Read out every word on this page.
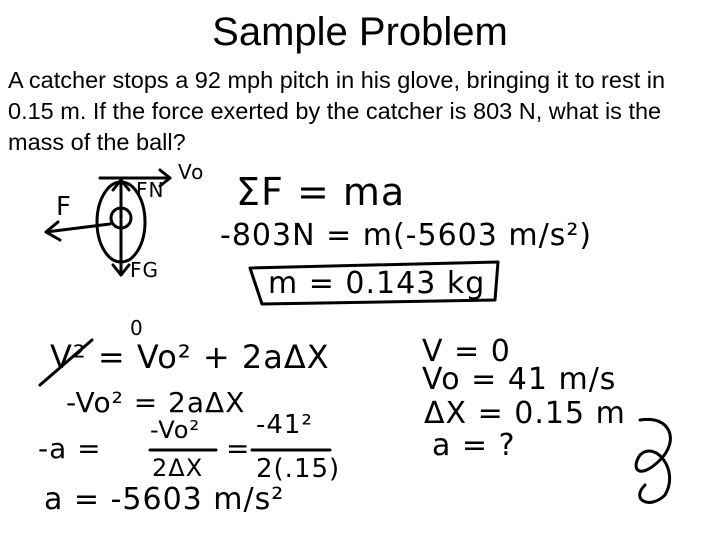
Sample Problem

A catcher stops a 92 mph pitch in his glove, bringing it to rest in 0.15 m. If the force exerted by the catcher is 803 N, what is the mass of the ball?

Vo
FN
F
FG
ΣF = ma
-803N = m(-5603 m/s²)
m = 0.143 kg
0
V² = Vo² + 2aΔX
-Vo² = 2aΔX
-a =
-Vo²
2ΔX
=
-41²
2(.15)
a = -5603 m/s²
V = 0
Vo = 41 m/s
ΔX = 0.15 m
a = ?
